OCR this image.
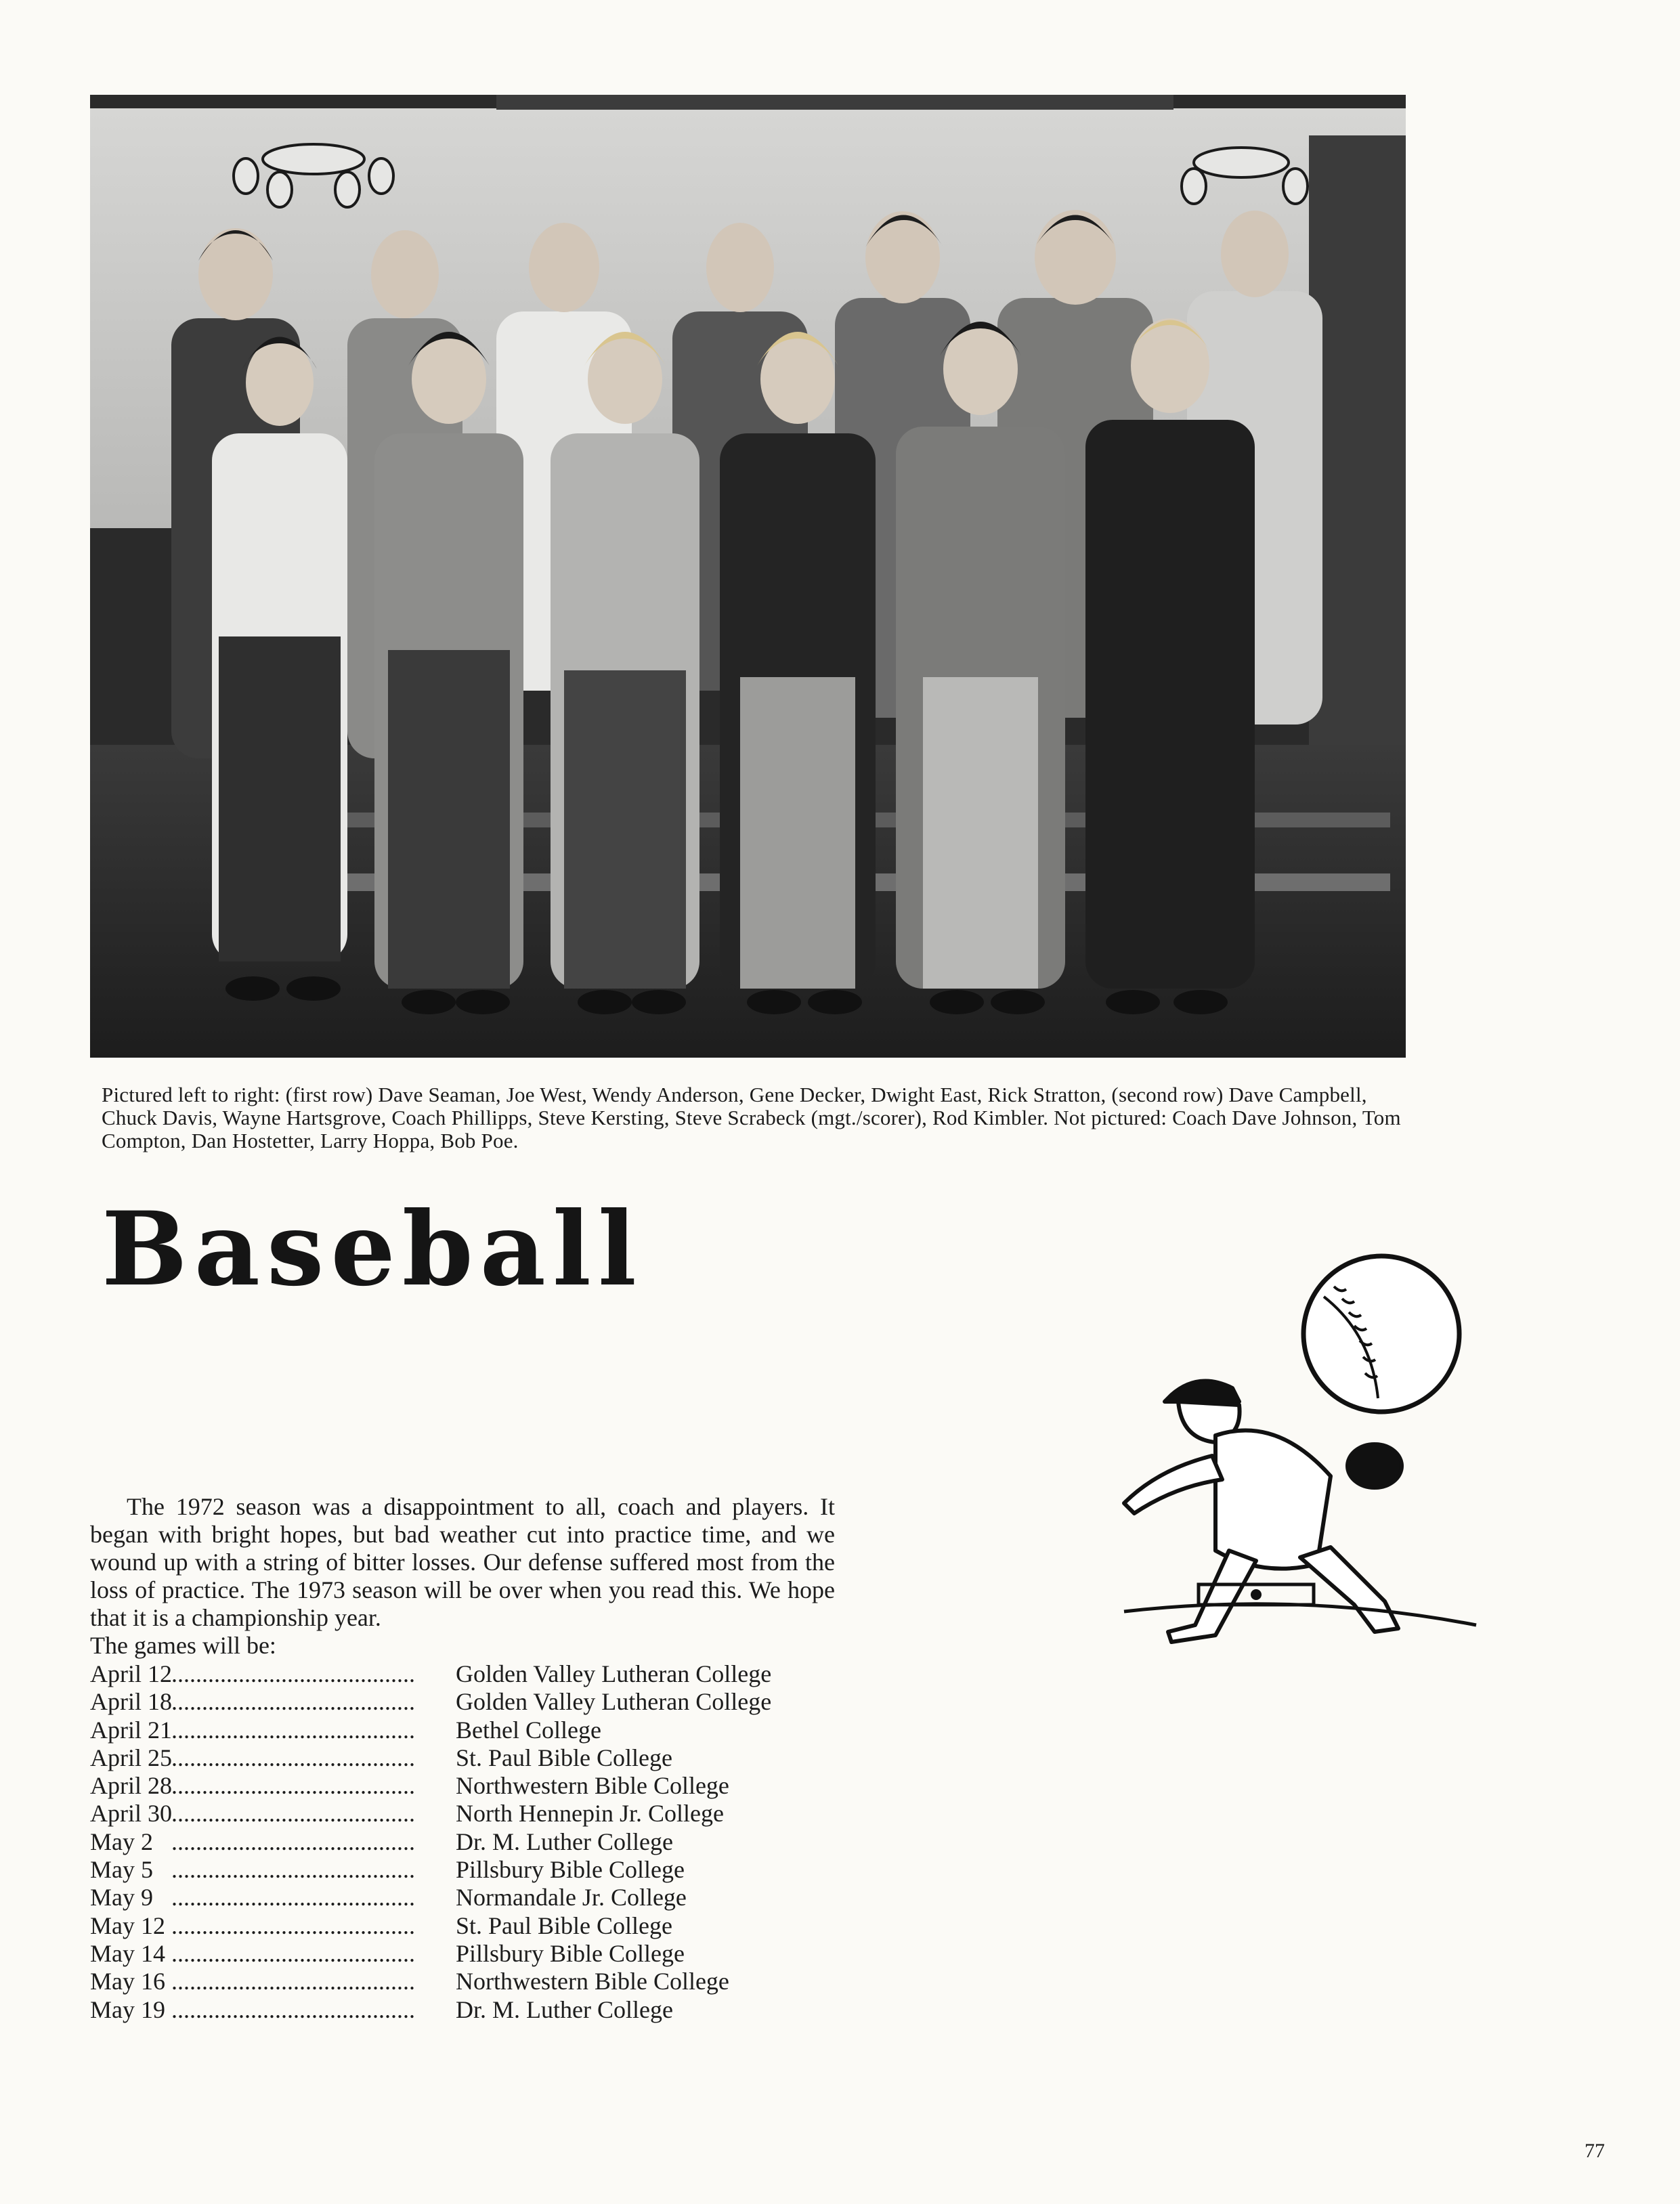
Pictured left to right: (first row) Dave Seaman, Joe West, Wendy Anderson, Gene Decker, Dwight East, Rick Stratton, (second row) Dave Campbell, Chuck Davis, Wayne Hartsgrove, Coach Phillipps, Steve Kersting, Steve Scrabeck (mgt./scorer), Rod Kimbler. Not pictured: Coach Dave Johnson, Tom Compton, Dan Hostetter, Larry Hoppa, Bob Poe.

Baseball

The 1972 season was a disappointment to all, coach and players. It began with bright hopes, but bad weather cut into practice time, and we wound up with a string of bitter losses. Our defense suffered most from the loss of practice. The 1973 season will be over when you read this. We hope that it is a championship year.

The games will be:

April 12 ........................................	Golden Valley Lutheran College
April 18 ........................................	Golden Valley Lutheran College
April 21 ........................................	Bethel College
April 25 ........................................	St. Paul Bible College
April 28 ........................................	Northwestern Bible College
April 30 ........................................	North Hennepin Jr. College
May 2 ........................................	Dr. M. Luther College
May 5 ........................................	Pillsbury Bible College
May 9 ........................................	Normandale Jr. College
May 12 ........................................	St. Paul Bible College
May 14 ........................................	Pillsbury Bible College
May 16 ........................................	Northwestern Bible College
May 19 ........................................	Dr. M. Luther College
77
